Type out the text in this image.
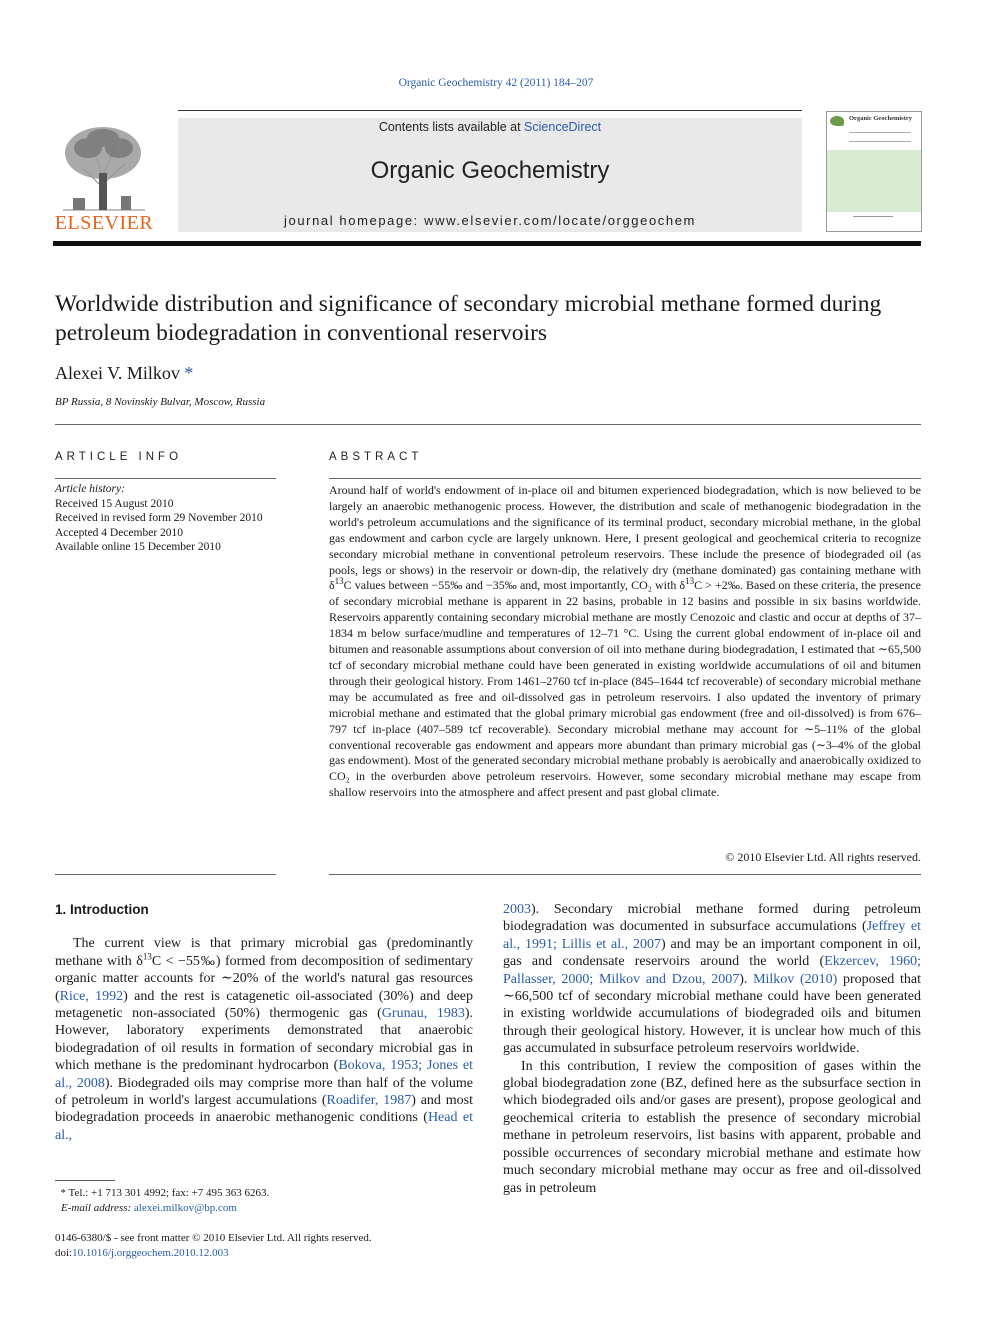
Organic Geochemistry 42 (2011) 184–207
ELSEVIER
Contents lists available at ScienceDirect
Organic Geochemistry
journal homepage: www.elsevier.com/locate/orggeochem
Organic Geochemistry
Worldwide distribution and significance of secondary microbial methane formed during petroleum biodegradation in conventional reservoirs
Alexei V. Milkov *
BP Russia, 8 Novinskiy Bulvar, Moscow, Russia
ARTICLE INFO
Article history:
Received 15 August 2010
Received in revised form 29 November 2010
Accepted 4 December 2010
Available online 15 December 2010
ABSTRACT
Around half of world's endowment of in-place oil and bitumen experienced biodegradation, which is now believed to be largely an anaerobic methanogenic process. However, the distribution and scale of methanogenic biodegradation in the world's petroleum accumulations and the significance of its terminal product, secondary microbial methane, in the global gas endowment and carbon cycle are largely unknown. Here, I present geological and geochemical criteria to recognize secondary microbial methane in conventional petroleum reservoirs. These include the presence of biodegraded oil (as pools, legs or shows) in the reservoir or down-dip, the relatively dry (methane dominated) gas containing methane with $\delta^{13}C$ values between −55‰ and −35‰ and, most importantly, CO₂ with $\delta^{13}C$ > +2‰. Based on these criteria, the presence of secondary microbial methane is apparent in 22 basins, probable in 12 basins and possible in six basins worldwide. Reservoirs apparently containing secondary microbial methane are mostly Cenozoic and clastic and occur at depths of 37–1834 m below surface/mudline and temperatures of 12–71 °C. Using the current global endowment of in-place oil and bitumen and reasonable assumptions about conversion of oil into methane during biodegradation, I estimated that ∼65,500 tcf of secondary microbial methane could have been generated in existing worldwide accumulations of oil and bitumen through their geological history. From 1461–2760 tcf in-place (845–1644 tcf recoverable) of secondary microbial methane may be accumulated as free and oil-dissolved gas in petroleum reservoirs. I also updated the inventory of primary microbial methane and estimated that the global primary microbial gas endowment (free and oil-dissolved) is from 676–797 tcf in-place (407–589 tcf recoverable). Secondary microbial methane may account for ∼5–11% of the global conventional recoverable gas endowment and appears more abundant than primary microbial gas (∼3–4% of the global gas endowment). Most of the generated secondary microbial methane probably is aerobically and anaerobically oxidized to CO₂ in the overburden above petroleum reservoirs. However, some secondary microbial methane may escape from shallow reservoirs into the atmosphere and affect present and past global climate.
© 2010 Elsevier Ltd. All rights reserved.

1. Introduction

The current view is that primary microbial gas (predominantly methane with $\delta^{13}C$ < −55‰) formed from decomposition of sedimentary organic matter accounts for ∼20% of the world's natural gas resources (Rice, 1992) and the rest is catagenetic oil-associated (30%) and deep metagenetic non-associated (50%) thermogenic gas (Grunau, 1983). However, laboratory experiments demonstrated that anaerobic biodegradation of oil results in formation of secondary microbial gas in which methane is the predominant hydrocarbon (Bokova, 1953; Jones et al., 2008). Biodegraded oils may comprise more than half of the volume of petroleum in world's largest accumulations (Roadifer, 1987) and most biodegradation proceeds in anaerobic methanogenic conditions (Head et al.,

2003). Secondary microbial methane formed during petroleum biodegradation was documented in subsurface accumulations (Jeffrey et al., 1991; Lillis et al., 2007) and may be an important component in oil, gas and condensate reservoirs around the world (Ekzercev, 1960; Pallasser, 2000; Milkov and Dzou, 2007). Milkov (2010) proposed that ∼66,500 tcf of secondary microbial methane could have been generated in existing worldwide accumulations of biodegraded oils and bitumen through their geological history. However, it is unclear how much of this gas accumulated in subsurface petroleum reservoirs worldwide.

In this contribution, I review the composition of gases within the global biodegradation zone (BZ, defined here as the subsurface section in which biodegraded oils and/or gases are present), propose geological and geochemical criteria to establish the presence of secondary microbial methane in petroleum reservoirs, list basins with apparent, probable and possible occurrences of secondary microbial methane and estimate how much secondary microbial methane may occur as free and oil-dissolved gas in petroleum

* Tel.: +1 713 301 4992; fax: +7 495 363 6263.
E-mail address: alexei.milkov@bp.com
0146-6380/$ - see front matter © 2010 Elsevier Ltd. All rights reserved.
doi:10.1016/j.orggeochem.2010.12.003
